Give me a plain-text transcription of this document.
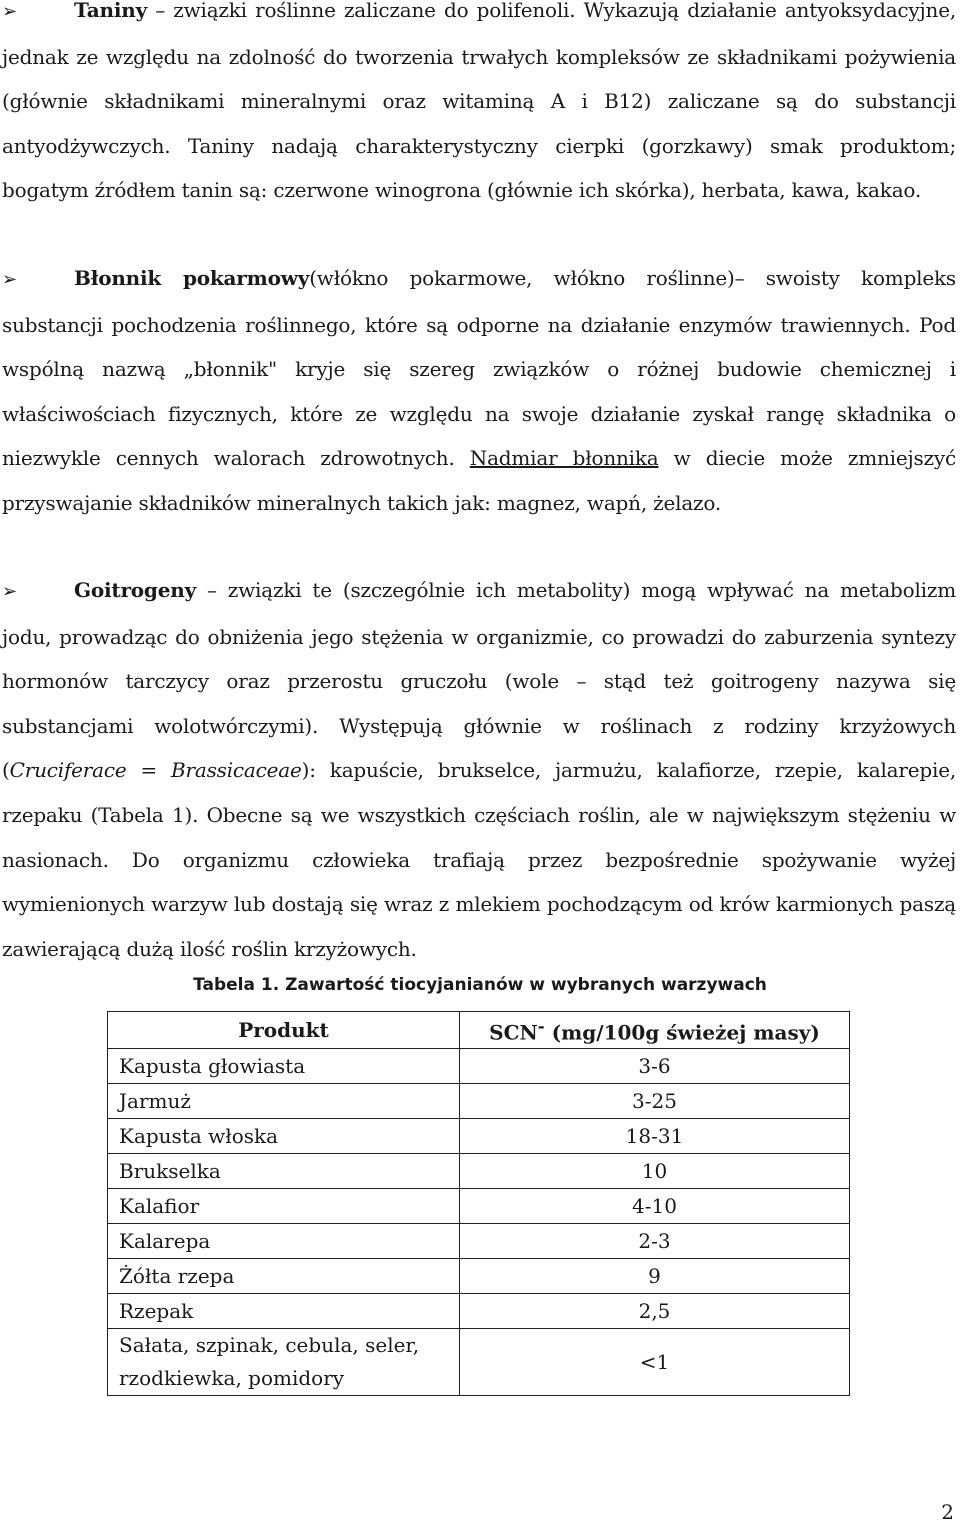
➢	Taniny – związki roślinne zaliczane do polifenoli. Wykazują działanie antyoksydacyjne, jednak ze względu na zdolność do tworzenia trwałych kompleksów ze składnikami pożywienia (głównie składnikami mineralnymi oraz witaminą A i B12) zaliczane są do substancji antyodżywczych. Taniny nadają charakterystyczny cierpki (gorzkawy) smak produktom; bogatym źródłem tanin są: czerwone winogrona (głównie ich skórka), herbata, kawa, kakao.

➢	Błonnik pokarmowy(włókno pokarmowe, włókno roślinne)– swoisty kompleks substancji pochodzenia roślinnego, które są odporne na działanie enzymów trawiennych. Pod wspólną nazwą „błonnik" kryje się szereg związków o różnej budowie chemicznej i właściwościach fizycznych, które ze względu na swoje działanie zyskał rangę składnika o niezwykle cennych walorach zdrowotnych. Nadmiar błonnika w diecie może zmniejszyć przyswajanie składników mineralnych takich jak: magnez, wapń, żelazo.

➢	Goitrogeny – związki te (szczególnie ich metabolity) mogą wpływać na metabolizm jodu, prowadząc do obniżenia jego stężenia w organizmie, co prowadzi do zaburzenia syntezy hormonów tarczycy oraz przerostu gruczołu (wole – stąd też goitrogeny nazywa się substancjami wolotwórczymi). Występują głównie w roślinach z rodziny krzyżowych (Cruciferace = Brassicaceae): kapuście, brukselce, jarmużu, kalafiorze, rzepie, kalarepie, rzepaku (Tabela 1). Obecne są we wszystkich częściach roślin, ale w największym stężeniu w nasionach. Do organizmu człowieka trafiają przez bezpośrednie spożywanie wyżej wymienionych warzyw lub dostają się wraz z mlekiem pochodzącym od krów karmionych paszą zawierającą dużą ilość roślin krzyżowych.

Tabela 1. Zawartość tiocyjanianów w wybranych warzywach
Produkt	SCN- (mg/100g świeżej masy)
Kapusta głowiasta	3-6
Jarmuż	3-25
Kapusta włoska	18-31
Brukselka	10
Kalafior	4-10
Kalarepa	2-3
Żółta rzepa	9
Rzepak	2,5
Sałata, szpinak, cebula, seler,
rzodkiewka, pomidory	<1
2
